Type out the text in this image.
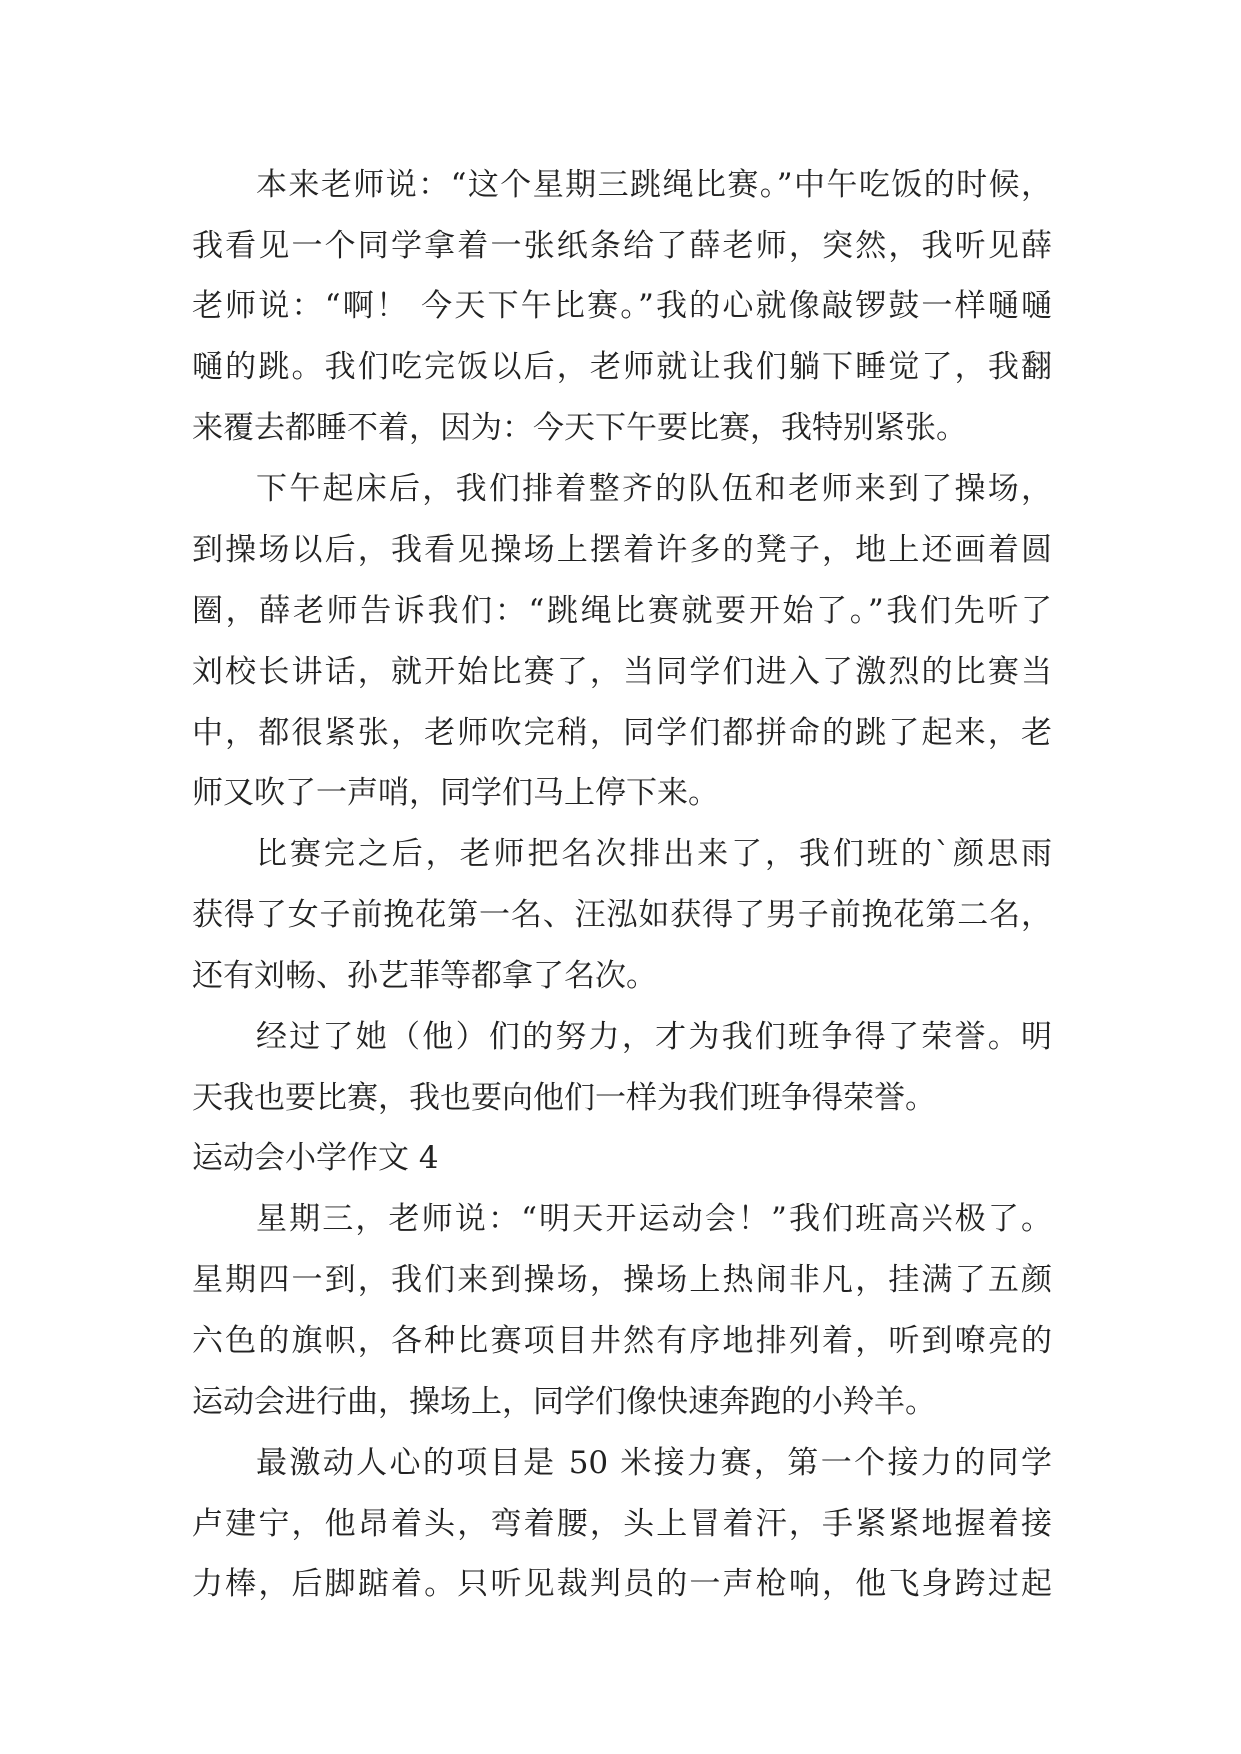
本来老师说：“这个星期三跳绳比赛。”中午吃饭的时候，
我看见一个同学拿着一张纸条给了薛老师，突然，我听见薛
老师说：“啊！ 今天下午比赛。”我的心就像敲锣鼓一样嗵嗵
嗵的跳。我们吃完饭以后，老师就让我们躺下睡觉了，我翻
来覆去都睡不着，因为：今天下午要比赛，我特别紧张。
下午起床后，我们排着整齐的队伍和老师来到了操场，
到操场以后，我看见操场上摆着许多的凳子，地上还画着圆
圈，薛老师告诉我们：“跳绳比赛就要开始了。”我们先听了
刘校长讲话，就开始比赛了，当同学们进入了激烈的比赛当
中，都很紧张，老师吹完稍，同学们都拼命的跳了起来，老
师又吹了一声哨，同学们马上停下来。
比赛完之后，老师把名次排出来了，我们班的`颜思雨
获得了女子前挽花第一名、汪泓如获得了男子前挽花第二名，
还有刘畅、孙艺菲等都拿了名次。
经过了她（他）们的努力，才为我们班争得了荣誉。明
天我也要比赛，我也要向他们一样为我们班争得荣誉。
运动会小学作文 4
星期三，老师说：“明天开运动会！”我们班高兴极了。
星期四一到，我们来到操场，操场上热闹非凡，挂满了五颜
六色的旗帜，各种比赛项目井然有序地排列着，听到嘹亮的
运动会进行曲，操场上，同学们像快速奔跑的小羚羊。
最激动人心的项目是 50 米接力赛，第一个接力的同学
卢建宁，他昂着头，弯着腰，头上冒着汗，手紧紧地握着接
力棒，后脚踮着。只听见裁判员的一声枪响，他飞身跨过起
